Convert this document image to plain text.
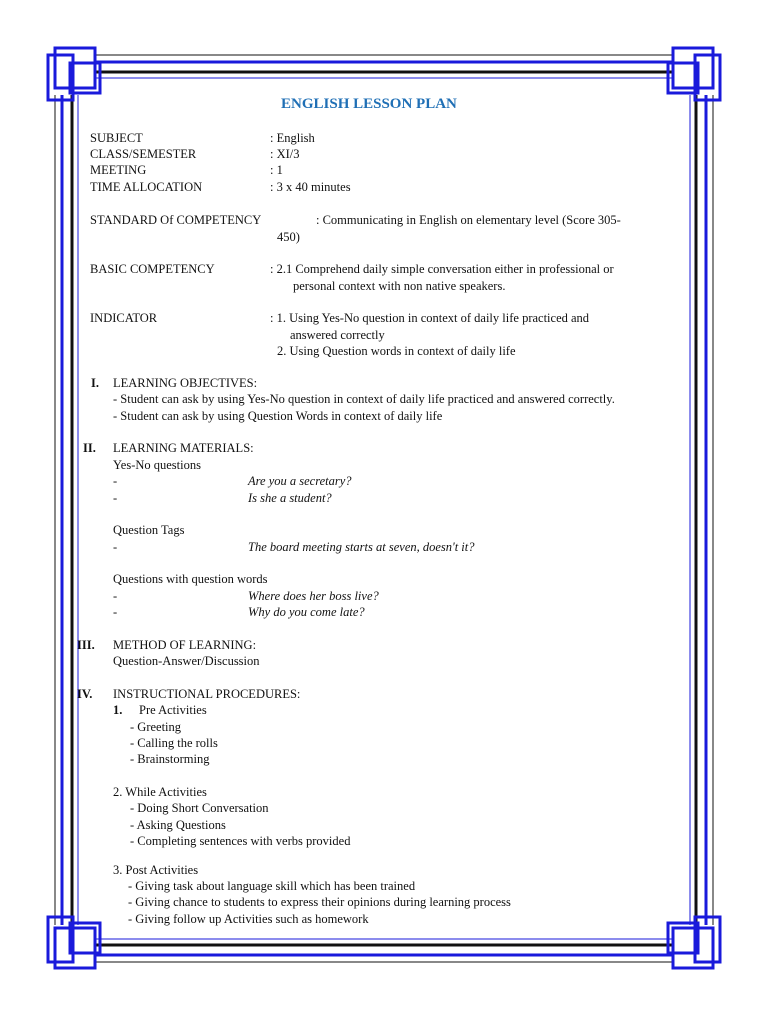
ENGLISH LESSON PLAN
SUBJECT	: English
CLASS/SEMESTER	: XI/3
MEETING	: 1
TIME ALLOCATION	: 3 x 40 minutes
STANDARD Of COMPETENCY	: Communicating in English on elementary level (Score 305-
450)
BASIC COMPETENCY	: 2.1 Comprehend daily simple conversation either in professional or
personal context with non native speakers.
INDICATOR	: 1. Using Yes-No question in context of daily life practiced and
answered correctly
2. Using Question words in context of daily life
I. LEARNING OBJECTIVES:
- Student can ask by using Yes-No question in context of daily life practiced and answered correctly.
- Student can ask by using Question Words in context of daily life
II. LEARNING MATERIALS:
Yes-No questions
-	Are you a secretary?
-	Is she a student?
Question Tags
-	The board meeting starts at seven, doesn't it?
Questions with question words
-	Where does her boss live?
-	Why do you come late?
III. METHOD OF LEARNING:
Question-Answer/Discussion
IV. INSTRUCTIONAL PROCEDURES:
1. Pre Activities
- Greeting
- Calling the rolls
- Brainstorming
2. While Activities
- Doing Short Conversation
- Asking Questions
- Completing sentences with verbs provided
3. Post Activities
- Giving task about language skill which has been trained
- Giving chance to students to express their opinions during learning process
- Giving follow up Activities such as homework
